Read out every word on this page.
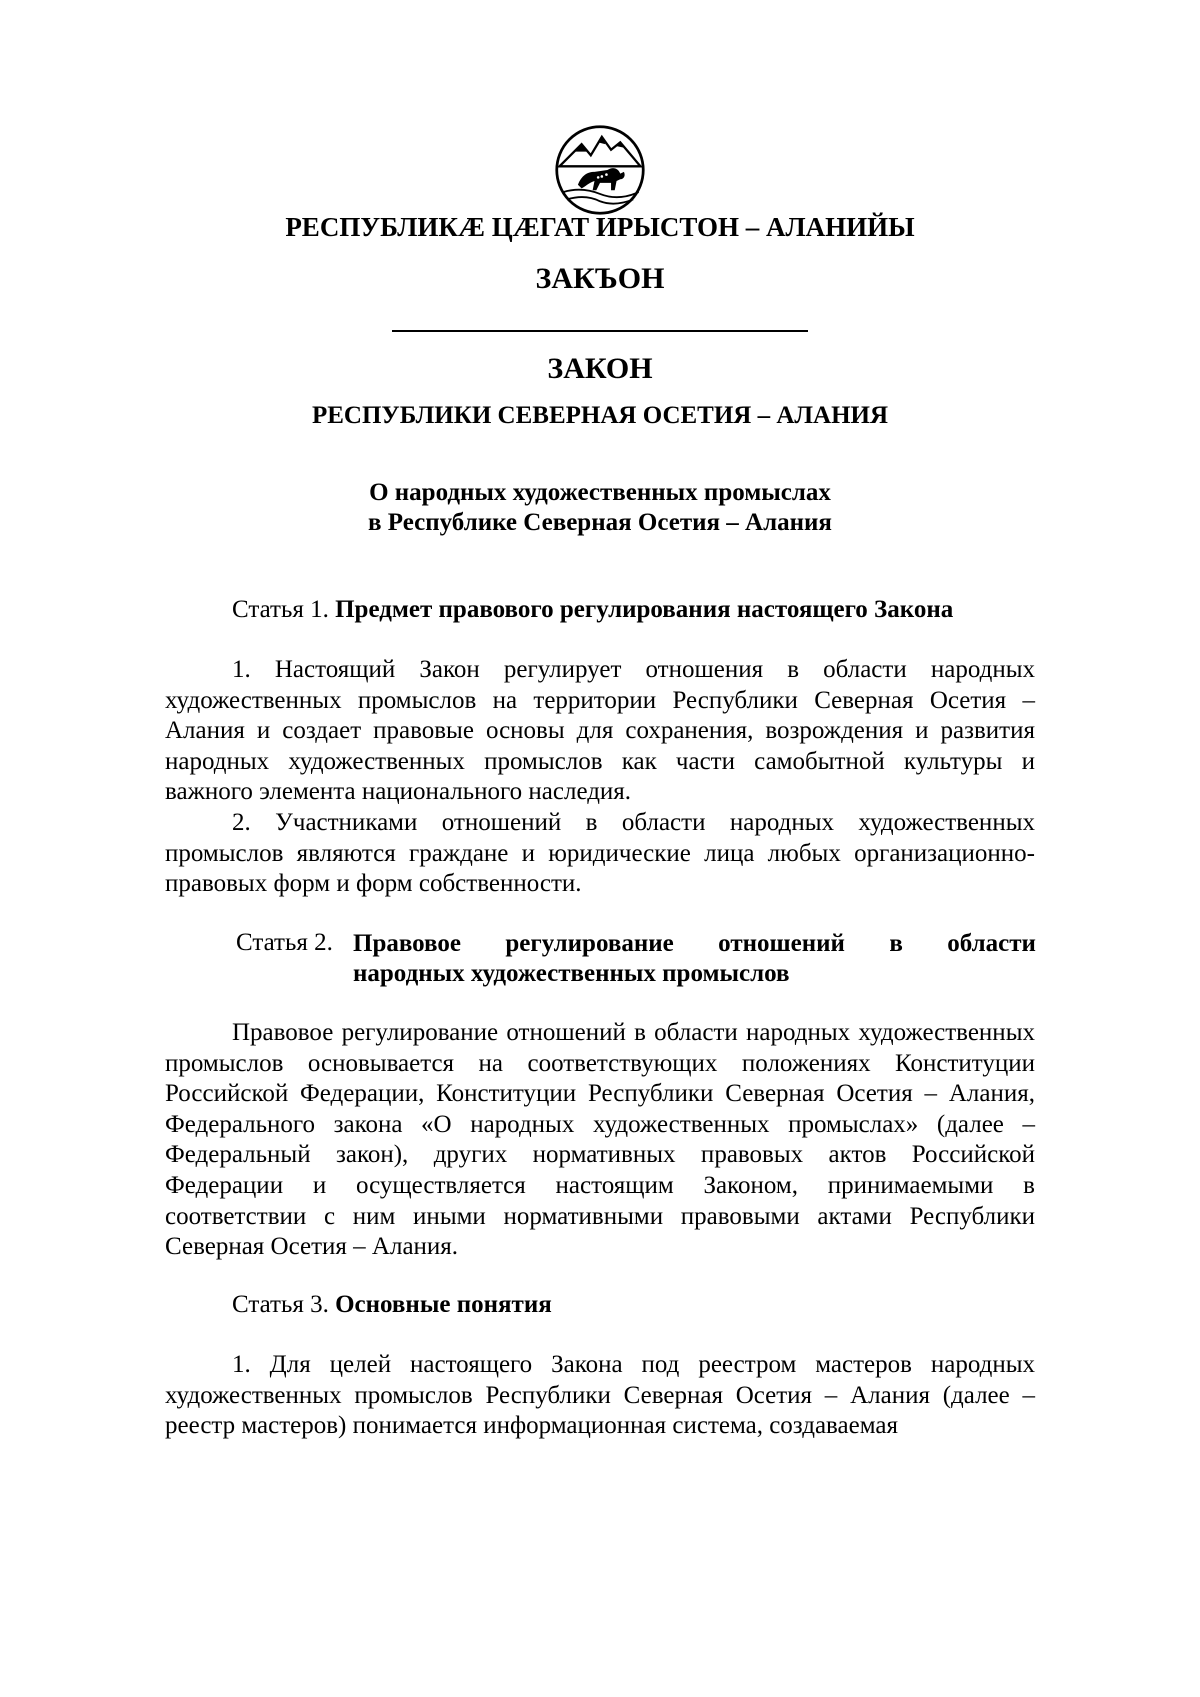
РЕСПУБЛИКӔ ЦӔГАТ ИРЫСТОН – АЛАНИЙЫ
ЗАКЪОН
ЗАКОН
РЕСПУБЛИКИ СЕВЕРНАЯ ОСЕТИЯ – АЛАНИЯ
О народных художественных промыслах
в Республике Северная Осетия – Алания
Статья 1. Предмет правового регулирования настоящего Закона

1. Настоящий Закон регулирует отношения в области народных художественных промыслов на территории Республики Северная Осетия – Алания и создает правовые основы для сохранения, возрождения и развития народных художественных промыслов как части самобытной культуры и важного элемента национального наследия.

2. Участниками отношений в области народных художественных промыслов являются граждане и юридические лица любых организационно-правовых форм и форм собственности.

Статья 2. Правовое регулирование отношений в области
народных художественных промыслов

Правовое регулирование отношений в области народных художественных промыслов основывается на соответствующих положениях Конституции Российской Федерации, Конституции Республики Северная Осетия – Алания, Федерального закона «О народных художественных промыслах» (далее – Федеральный закон), других нормативных правовых актов Российской Федерации и осуществляется настоящим Законом, принимаемыми в соответствии с ним иными нормативными правовыми актами Республики Северная Осетия – Алания.

Статья 3. Основные понятия

1. Для целей настоящего Закона под реестром мастеров народных художественных промыслов Республики Северная Осетия – Алания (далее – реестр мастеров) понимается информационная система, создаваемая
